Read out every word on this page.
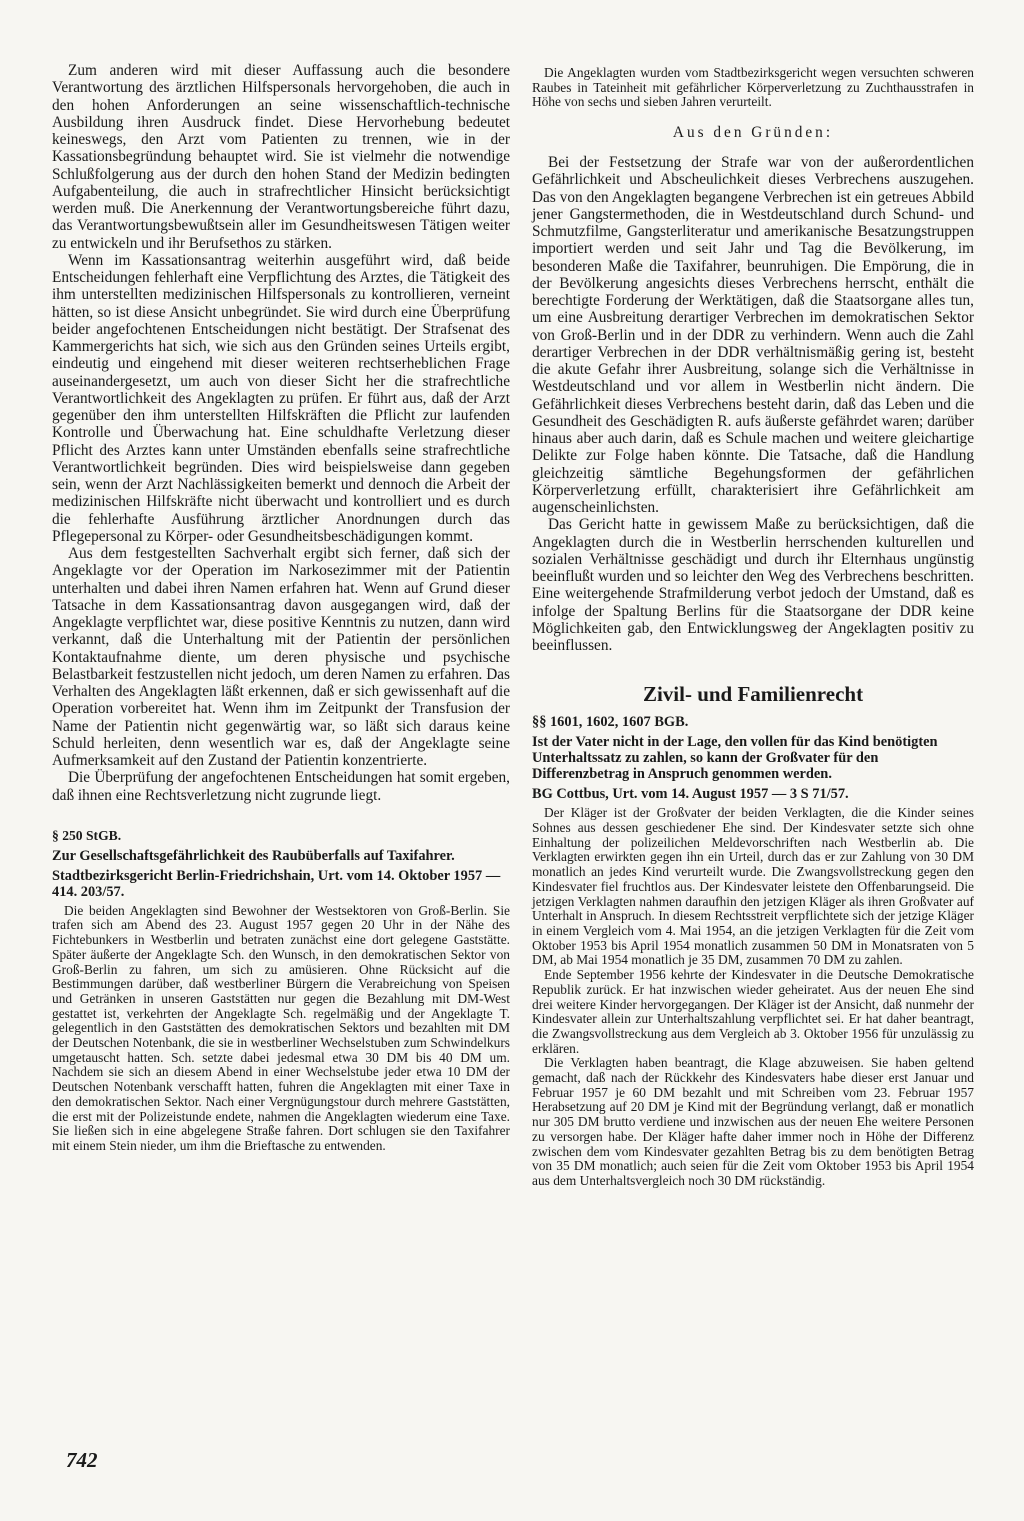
Zum anderen wird mit dieser Auffassung auch die besondere Verantwortung des ärztlichen Hilfspersonals hervorgehoben, die auch in den hohen Anforderungen an seine wissenschaftlich-technische Ausbildung ihren Ausdruck findet. Diese Hervorhebung bedeutet keineswegs, den Arzt vom Patienten zu trennen, wie in der Kassationsbegründung behauptet wird. Sie ist vielmehr die notwendige Schlußfolgerung aus der durch den hohen Stand der Medizin bedingten Aufgabenteilung, die auch in strafrechtlicher Hinsicht berücksichtigt werden muß. Die Anerkennung der Verantwortungsbereiche führt dazu, das Verantwortungsbewußtsein aller im Gesundheitswesen Tätigen weiter zu entwickeln und ihr Berufsethos zu stärken.

Wenn im Kassationsantrag weiterhin ausgeführt wird, daß beide Entscheidungen fehlerhaft eine Verpflichtung des Arztes, die Tätigkeit des ihm unterstellten medizinischen Hilfspersonals zu kontrollieren, verneint hätten, so ist diese Ansicht unbegründet. Sie wird durch eine Überprüfung beider angefochtenen Entscheidungen nicht bestätigt. Der Strafsenat des Kammergerichts hat sich, wie sich aus den Gründen seines Urteils ergibt, eindeutig und eingehend mit dieser weiteren rechtserheblichen Frage auseinandergesetzt, um auch von dieser Sicht her die strafrechtliche Verantwortlichkeit des Angeklagten zu prüfen. Er führt aus, daß der Arzt gegenüber den ihm unterstellten Hilfskräften die Pflicht zur laufenden Kontrolle und Überwachung hat. Eine schuldhafte Verletzung dieser Pflicht des Arztes kann unter Umständen ebenfalls seine strafrechtliche Verantwortlichkeit begründen. Dies wird beispielsweise dann gegeben sein, wenn der Arzt Nachlässigkeiten bemerkt und dennoch die Arbeit der medizinischen Hilfskräfte nicht überwacht und kontrolliert und es durch die fehlerhafte Ausführung ärztlicher Anordnungen durch das Pflegepersonal zu Körper- oder Gesundheitsbeschädigungen kommt.

Aus dem festgestellten Sachverhalt ergibt sich ferner, daß sich der Angeklagte vor der Operation im Narkosezimmer mit der Patientin unterhalten und dabei ihren Namen erfahren hat. Wenn auf Grund dieser Tatsache in dem Kassationsantrag davon ausgegangen wird, daß der Angeklagte verpflichtet war, diese positive Kenntnis zu nutzen, dann wird verkannt, daß die Unterhaltung mit der Patientin der persönlichen Kontaktaufnahme diente, um deren physische und psychische Belastbarkeit festzustellen nicht jedoch, um deren Namen zu erfahren. Das Verhalten des Angeklagten läßt erkennen, daß er sich gewissenhaft auf die Operation vorbereitet hat. Wenn ihm im Zeitpunkt der Transfusion der Name der Patientin nicht gegenwärtig war, so läßt sich daraus keine Schuld herleiten, denn wesentlich war es, daß der Angeklagte seine Aufmerksamkeit auf den Zustand der Patientin konzentrierte.

Die Überprüfung der angefochtenen Entscheidungen hat somit ergeben, daß ihnen eine Rechtsverletzung nicht zugrunde liegt.

§ 250 StGB.
Zur Gesellschaftsgefährlichkeit des Raubüberfalls auf Taxifahrer.
Stadtbezirksgericht Berlin-Friedrichshain, Urt. vom 14. Oktober 1957 — 414. 203/57.

Die beiden Angeklagten sind Bewohner der Westsektoren von Groß-Berlin. Sie trafen sich am Abend des 23. August 1957 gegen 20 Uhr in der Nähe des Fichtebunkers in Westberlin und betraten zunächst eine dort gelegene Gaststätte. Später äußerte der Angeklagte Sch. den Wunsch, in den demokratischen Sektor von Groß-Berlin zu fahren, um sich zu amüsieren. Ohne Rücksicht auf die Bestimmungen darüber, daß westberliner Bürgern die Verabreichung von Speisen und Getränken in unseren Gaststätten nur gegen die Bezahlung mit DM-West gestattet ist, verkehrten der Angeklagte Sch. regelmäßig und der Angeklagte T. gelegentlich in den Gaststätten des demokratischen Sektors und bezahlten mit DM der Deutschen Notenbank, die sie in westberliner Wechselstuben zum Schwindelkurs umgetauscht hatten. Sch. setzte dabei jedesmal etwa 30 DM bis 40 DM um. Nachdem sie sich an diesem Abend in einer Wechselstube jeder etwa 10 DM der Deutschen Notenbank verschafft hatten, fuhren die Angeklagten mit einer Taxe in den demokratischen Sektor. Nach einer Vergnügungstour durch mehrere Gaststätten, die erst mit der Polizeistunde endete, nahmen die Angeklagten wiederum eine Taxe. Sie ließen sich in eine abgelegene Straße fahren. Dort schlugen sie den Taxifahrer mit einem Stein nieder, um ihm die Brieftasche zu entwenden.

Die Angeklagten wurden vom Stadtbezirksgericht wegen versuchten schweren Raubes in Tateinheit mit gefährlicher Körperverletzung zu Zuchthausstrafen in Höhe von sechs und sieben Jahren verurteilt.

Aus den Gründen:

Bei der Festsetzung der Strafe war von der außerordentlichen Gefährlichkeit und Abscheulichkeit dieses Verbrechens auszugehen. Das von den Angeklagten begangene Verbrechen ist ein getreues Abbild jener Gangstermethoden, die in Westdeutschland durch Schund- und Schmutzfilme, Gangsterliteratur und amerikanische Besatzungstruppen importiert werden und seit Jahr und Tag die Bevölkerung, im besonderen Maße die Taxifahrer, beunruhigen. Die Empörung, die in der Bevölkerung angesichts dieses Verbrechens herrscht, enthält die berechtigte Forderung der Werktätigen, daß die Staatsorgane alles tun, um eine Ausbreitung derartiger Verbrechen im demokratischen Sektor von Groß-Berlin und in der DDR zu verhindern. Wenn auch die Zahl derartiger Verbrechen in der DDR verhältnismäßig gering ist, besteht die akute Gefahr ihrer Ausbreitung, solange sich die Verhältnisse in Westdeutschland und vor allem in Westberlin nicht ändern. Die Gefährlichkeit dieses Verbrechens besteht darin, daß das Leben und die Gesundheit des Geschädigten R. aufs äußerste gefährdet waren; darüber hinaus aber auch darin, daß es Schule machen und weitere gleichartige Delikte zur Folge haben könnte. Die Tatsache, daß die Handlung gleichzeitig sämtliche Begehungsformen der gefährlichen Körperverletzung erfüllt, charakterisiert ihre Gefährlichkeit am augenscheinlichsten.

Das Gericht hatte in gewissem Maße zu berücksichtigen, daß die Angeklagten durch die in Westberlin herrschenden kulturellen und sozialen Verhältnisse geschädigt und durch ihr Elternhaus ungünstig beeinflußt wurden und so leichter den Weg des Verbrechens beschritten. Eine weitergehende Strafmilderung verbot jedoch der Umstand, daß es infolge der Spaltung Berlins für die Staatsorgane der DDR keine Möglichkeiten gab, den Entwicklungsweg der Angeklagten positiv zu beeinflussen.

Zivil- und Familienrecht
§§ 1601, 1602, 1607 BGB.
Ist der Vater nicht in der Lage, den vollen für das Kind benötigten Unterhaltssatz zu zahlen, so kann der Großvater für den Differenzbetrag in Anspruch genommen werden.
BG Cottbus, Urt. vom 14. August 1957 — 3 S 71/57.

Der Kläger ist der Großvater der beiden Verklagten, die die Kinder seines Sohnes aus dessen geschiedener Ehe sind. Der Kindesvater setzte sich ohne Einhaltung der polizeilichen Meldevorschriften nach Westberlin ab. Die Verklagten erwirkten gegen ihn ein Urteil, durch das er zur Zahlung von 30 DM monatlich an jedes Kind verurteilt wurde. Die Zwangsvollstreckung gegen den Kindesvater fiel fruchtlos aus. Der Kindesvater leistete den Offenbarungseid. Die jetzigen Verklagten nahmen daraufhin den jetzigen Kläger als ihren Großvater auf Unterhalt in Anspruch. In diesem Rechtsstreit verpflichtete sich der jetzige Kläger in einem Vergleich vom 4. Mai 1954, an die jetzigen Verklagten für die Zeit vom Oktober 1953 bis April 1954 monatlich zusammen 50 DM in Monatsraten von 5 DM, ab Mai 1954 monatlich je 35 DM, zusammen 70 DM zu zahlen.

Ende September 1956 kehrte der Kindesvater in die Deutsche Demokratische Republik zurück. Er hat inzwischen wieder geheiratet. Aus der neuen Ehe sind drei weitere Kinder hervorgegangen. Der Kläger ist der Ansicht, daß nunmehr der Kindesvater allein zur Unterhaltszahlung verpflichtet sei. Er hat daher beantragt, die Zwangsvollstreckung aus dem Vergleich ab 3. Oktober 1956 für unzulässig zu erklären.

Die Verklagten haben beantragt, die Klage abzuweisen. Sie haben geltend gemacht, daß nach der Rückkehr des Kindesvaters habe dieser erst Januar und Februar 1957 je 60 DM bezahlt und mit Schreiben vom 23. Februar 1957 Herabsetzung auf 20 DM je Kind mit der Begründung verlangt, daß er monatlich nur 305 DM brutto verdiene und inzwischen aus der neuen Ehe weitere Personen zu versorgen habe. Der Kläger hafte daher immer noch in Höhe der Differenz zwischen dem vom Kindesvater gezahlten Betrag bis zu dem benötigten Betrag von 35 DM monatlich; auch seien für die Zeit vom Oktober 1953 bis April 1954 aus dem Unterhaltsvergleich noch 30 DM rückständig.

742
